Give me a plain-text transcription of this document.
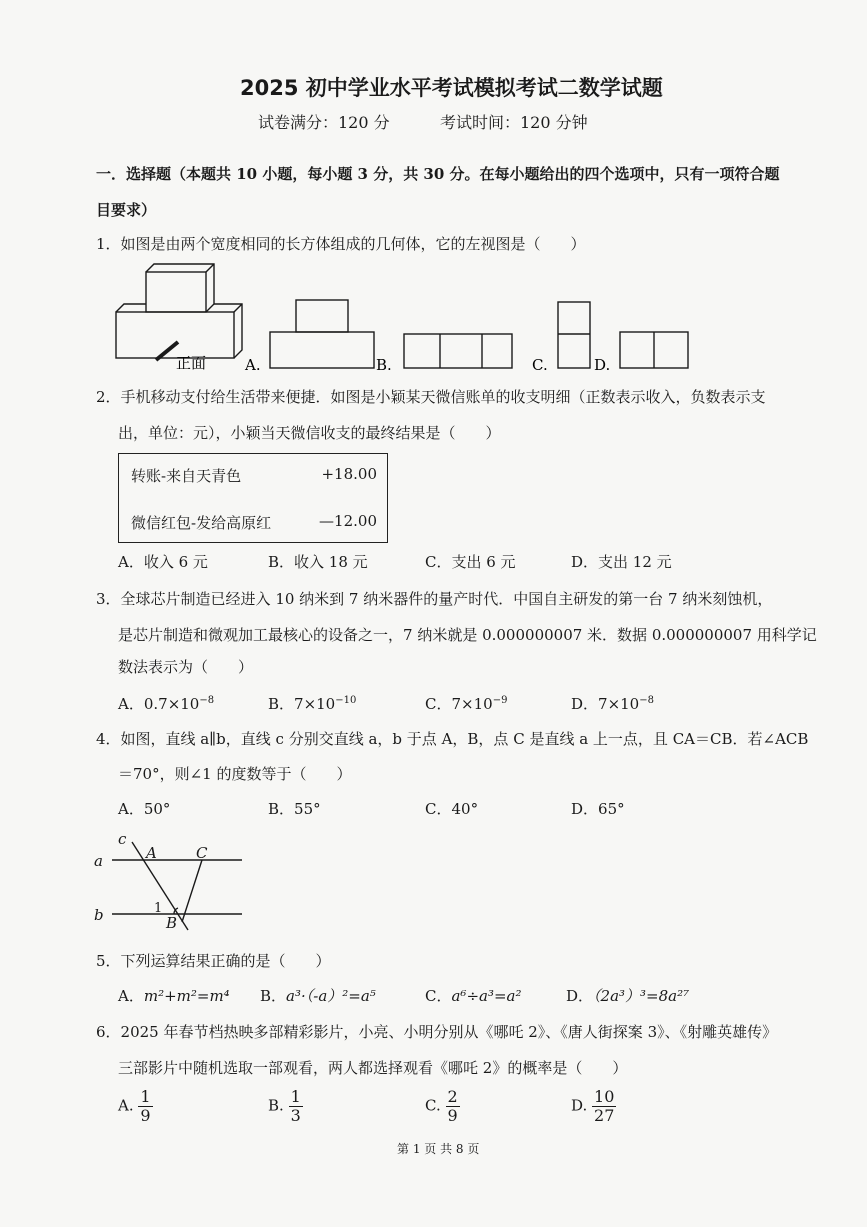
2025 初中学业水平考试模拟考试二数学试题
试卷满分：120 分	考试时间：120 分钟
一．选择题（本题共 10 小题，每小题 3 分，共 30 分。在每小题给出的四个选项中，只有一项符合题
目要求）
1．如图是由两个宽度相同的长方体组成的几何体，它的左视图是（　　）
正面	A.	B.	C.	D.
2．手机移动支付给生活带来便捷．如图是小颖某天微信账单的收支明细（正数表示收入，负数表示支
出，单位：元），小颖当天微信收支的最终结果是（　　）
转账-来自天青色	+18.00
微信红包-发给高原红	—12.00
A．收入 6 元	B．收入 18 元	C．支出 6 元	D．支出 12 元
3．全球芯片制造已经进入 10 纳米到 7 纳米器件的量产时代．中国自主研发的第一台 7 纳米刻蚀机，
是芯片制造和微观加工最核心的设备之一，7 纳米就是 0.000000007 米．数据 0.000000007 用科学记
数法表示为（　　）
A．$0.7\times 10^{-8}$	B．$7\times 10^{-10}$	C．$7\times 10^{-9}$	D．$7\times 10^{-8}$
4．如图，直线 a∥b，直线 c 分别交直线 a，b 于点 A，B，点 C 是直线 a 上一点，且 CA＝CB．若∠ACB
＝70°，则∠1 的度数等于（　　）
A．50°	B．55°	C．40°	D．65°
c
a
b
A	C
B
1
5．下列运算结果正确的是（　　）
A．m²+m²=m⁴ B．a³·（-a）²=a⁵	C．a⁶÷a³=a²	D．（2a³）³=8a²⁷
6．2025 年春节档热映多部精彩影片，小亮、小明分别从《哪吒 2》、《唐人街探案 3》、《射雕英雄传》
三部影片中随机选取一部观看，两人都选择观看《哪吒 2》的概率是（　　）
A. $\frac{1}{9}$	B. $\frac{1}{3}$	C. $\frac{2}{9}$	D. $\frac{10}{27}$
第 1 页 共 8 页
